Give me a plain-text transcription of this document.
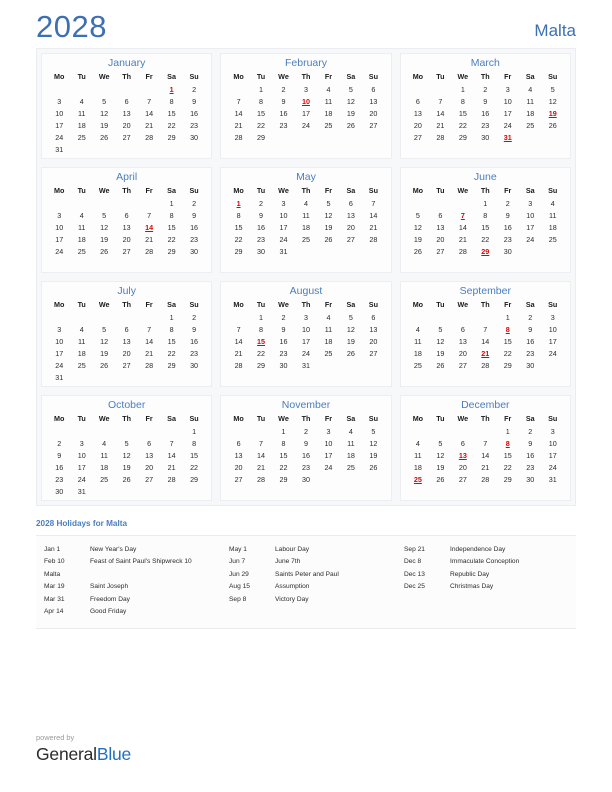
2028	Malta
January
Mo	Tu	We	Th	Fr	Sa	Su
					1	2
3	4	5	6	7	8	9
10	11	12	13	14	15	16
17	18	19	20	21	22	23
24	25	26	27	28	29	30
31						
February
Mo	Tu	We	Th	Fr	Sa	Su
	1	2	3	4	5	6
7	8	9	10	11	12	13
14	15	16	17	18	19	20
21	22	23	24	25	26	27
28	29					
March
Mo	Tu	We	Th	Fr	Sa	Su
		1	2	3	4	5
6	7	8	9	10	11	12
13	14	15	16	17	18	19
20	21	22	23	24	25	26
27	28	29	30	31		
April
Mo	Tu	We	Th	Fr	Sa	Su
					1	2
3	4	5	6	7	8	9
10	11	12	13	14	15	16
17	18	19	20	21	22	23
24	25	26	27	28	29	30
May
Mo	Tu	We	Th	Fr	Sa	Su
1	2	3	4	5	6	7
8	9	10	11	12	13	14
15	16	17	18	19	20	21
22	23	24	25	26	27	28
29	30	31				
June
Mo	Tu	We	Th	Fr	Sa	Su
			1	2	3	4
5	6	7	8	9	10	11
12	13	14	15	16	17	18
19	20	21	22	23	24	25
26	27	28	29	30		
July
Mo	Tu	We	Th	Fr	Sa	Su
					1	2
3	4	5	6	7	8	9
10	11	12	13	14	15	16
17	18	19	20	21	22	23
24	25	26	27	28	29	30
31						
August
Mo	Tu	We	Th	Fr	Sa	Su
	1	2	3	4	5	6
7	8	9	10	11	12	13
14	15	16	17	18	19	20
21	22	23	24	25	26	27
28	29	30	31			
September
Mo	Tu	We	Th	Fr	Sa	Su
				1	2	3
4	5	6	7	8	9	10
11	12	13	14	15	16	17
18	19	20	21	22	23	24
25	26	27	28	29	30	
October
Mo	Tu	We	Th	Fr	Sa	Su
						1
2	3	4	5	6	7	8
9	10	11	12	13	14	15
16	17	18	19	20	21	22
23	24	25	26	27	28	29
30	31					
November
Mo	Tu	We	Th	Fr	Sa	Su
		1	2	3	4	5
6	7	8	9	10	11	12
13	14	15	16	17	18	19
20	21	22	23	24	25	26
27	28	29	30			
December
Mo	Tu	We	Th	Fr	Sa	Su
				1	2	3
4	5	6	7	8	9	10
11	12	13	14	15	16	17
18	19	20	21	22	23	24
25	26	27	28	29	30	31
2028 Holidays for Malta
Jan 1	New Year's Day
Feb 10	Feast of Saint Paul's Shipwreck 10
Malta
Mar 19	Saint Joseph
Mar 31	Freedom Day
Apr 14	Good Friday
May 1	Labour Day
Jun 7	June 7th
Jun 29	Saints Peter and Paul
Aug 15	Assumption
Sep 8	Victory Day
Sep 21	Independence Day
Dec 8	Immaculate Conception
Dec 13	Republic Day
Dec 25	Christmas Day
powered by
GeneralBlue
